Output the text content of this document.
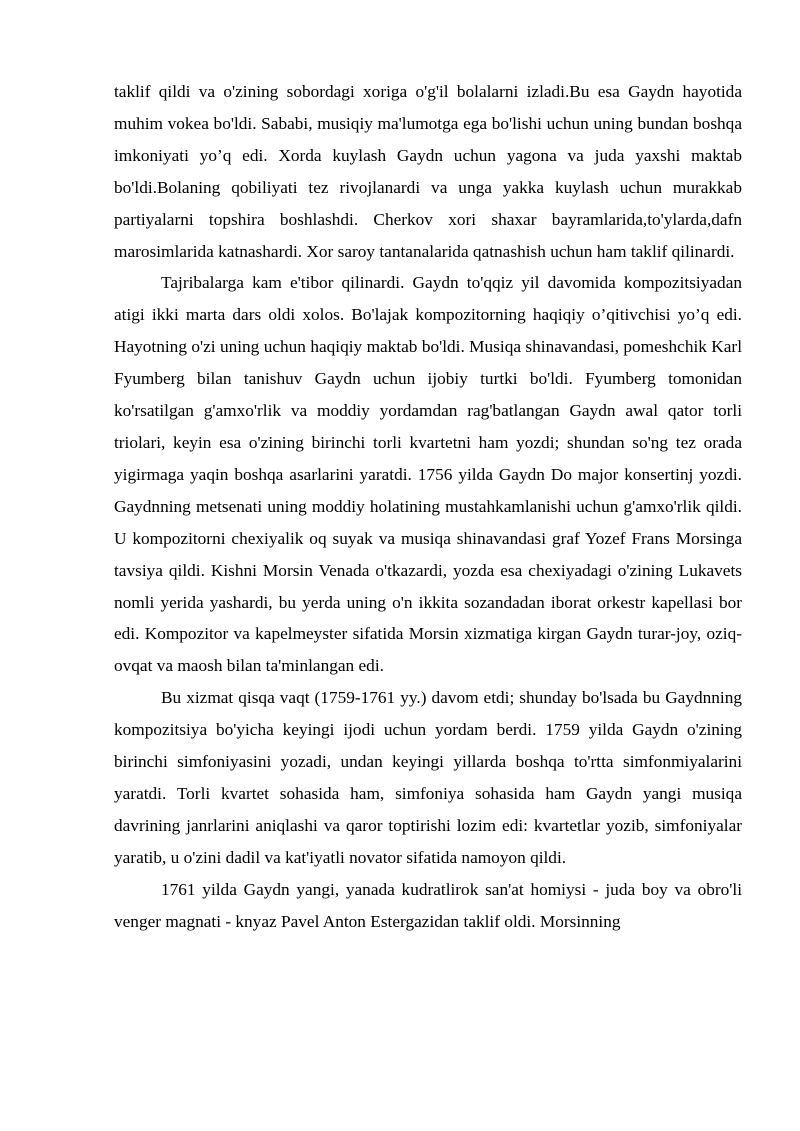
taklif qildi va o'zining sobordagi xoriga o'g'il bolalarni izladi.Bu esa Gaydn hayotida muhim vokea bo'ldi. Sababi, musiqiy ma'lumotga ega bo'lishi uchun uning bundan boshqa imkoniyati yo’q edi. Xorda kuylash Gaydn uchun yagona va juda yaxshi maktab bo'ldi.Bolaning qobiliyati tez rivojlanardi va unga yakka kuylash uchun murakkab partiyalarni topshira boshlashdi. Cherkov xori shaxar bayramlarida,to'ylarda,dafn marosimlarida katnashardi. Xor saroy tantanalarida qatnashish uchun ham taklif qilinardi.

Tajribalarga kam e'tibor qilinardi. Gaydn to'qqiz yil davomida kompozitsiyadan atigi ikki marta dars oldi xolos. Bo'lajak kompozitorning haqiqiy o’qitivchisi yo’q edi. Hayotning o'zi uning uchun haqiqiy maktab bo'ldi. Musiqa shinavandasi, pomeshchik Karl Fyumberg bilan tanishuv Gaydn uchun ijobiy turtki bo'ldi. Fyumberg tomonidan ko'rsatilgan g'amxo'rlik va moddiy yordamdan rag'batlangan Gaydn awal qator torli triolari, keyin esa o'zining birinchi torli kvartetni ham yozdi; shundan so'ng tez orada yigirmaga yaqin boshqa asarlarini yaratdi. 1756 yilda Gaydn Do major konsertinj yozdi. Gaydnning metsenati uning moddiy holatining mustahkamlanishi uchun g'amxo'rlik qildi. U kompozitorni chexiyalik oq suyak va musiqa shinavandasi graf Yozef Frans Morsinga tavsiya qildi. Kishni Morsin Venada o'tkazardi, yozda esa chexiyadagi o'zining Lukavets nomli yerida yashardi, bu yerda uning o'n ikkita sozandadan iborat orkestr kapellasi bor edi. Kompozitor va kapelmeyster sifatida Morsin xizmatiga kirgan Gaydn turar-joy, oziq-ovqat va maosh bilan ta'minlangan edi.

Bu xizmat qisqa vaqt (1759-1761 yy.) davom etdi; shunday bo'lsada bu Gaydnning kompozitsiya bo'yicha keyingi ijodi uchun yordam berdi. 1759 yilda Gaydn o'zining birinchi simfoniyasini yozadi, undan keyingi yillarda boshqa to'rtta simfonmiyalarini yaratdi. Torli kvartet sohasida ham, simfoniya sohasida ham Gaydn yangi musiqa davrining janrlarini aniqlashi va qaror toptirishi lozim edi: kvartetlar yozib, simfoniyalar yaratib, u o'zini dadil va kat'iyatli novator sifatida namoyon qildi.

1761 yilda Gaydn yangi, yanada kudratlirok san'at homiysi - juda boy va obro'li venger magnati - knyaz Pavel Anton Estergazidan taklif oldi. Morsinning
